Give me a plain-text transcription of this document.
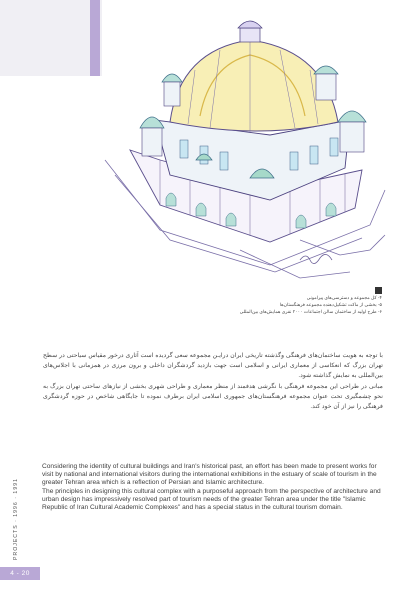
۴- کل مجموعه و دسترسی‌های پیرامونی
۵- بخشی از ماکت تشکیل‌دهنده مجموعه فرهنگستان‌ها
۶- طرح اولیه از ساختمان سالن اجتماعات ۲۰۰۰ نفری همایش‌های بین‌المللی

با توجه به هویت ساختمان‌های فرهنگی وگذشته تاریخی ایران درایـن مجموعه سعی گردیده است آثاری درخور مقیاس سیاحتی در سطح تهران بزرگ که انعکاسی از معماری ایرانی و اسلامی است جهت بازدید گردشگران داخلی و برون مرزی در همزمانی با اجلاس‌های بین‌المللی به نمایش گذاشته شود.

مبانی در طراحی این مجموعه فرهنگی با نگرشی هدفمند از منظر معماری و طراحی شهری بخشی از نیازهای ساحتی تهران بزرگ به نحو چشمگیری تحت عنوان مجموعه فرهنگستان‌های جمهوری اسلامی ایران برطرف نموده تا جایگاهی شاخص در حوزه گردشگری فرهنگی را نیز از آن خود کند.

Considering the identity of cultural buildings and Iran's historical past, an effort has been made to present works for visit by national and international visitors during the international exhibitions in the estuary of scale of tourism in the greater Tehran area which is a reflection of Persian and Islamic architecture.

The principles in designing this cultural complex with a purposeful approach from the perspective of architecture and urban design has impressively resolved part of tourism needs of the greater Tehran area under the title "Islamic Republic of Iran Cultural Academic Complexes" and has a special status in the cultural tourism domain.

PROJECTS · 1996 · 1991
4 - 20
